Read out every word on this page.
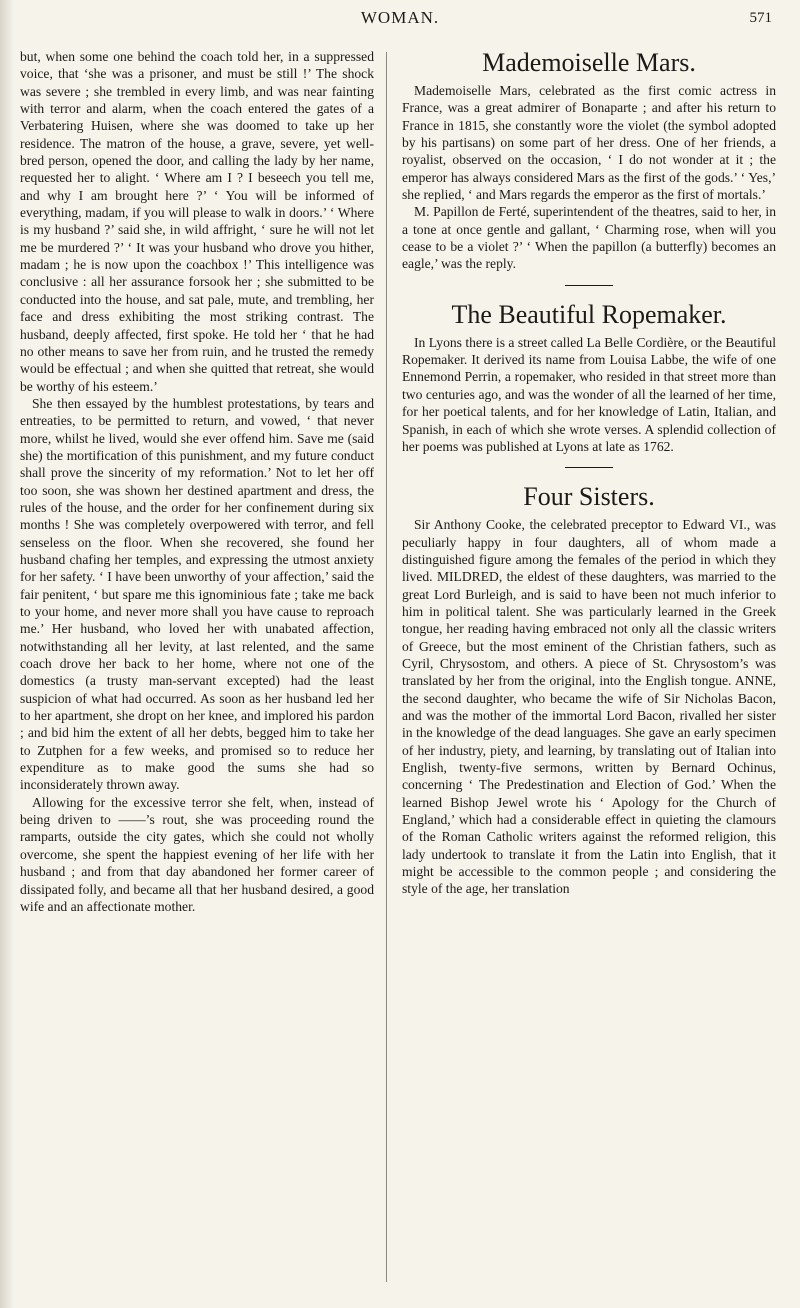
WOMAN.	571

but, when some one behind the coach told her, in a suppressed voice, that ‘she was a prisoner, and must be still !’ The shock was severe ; she trembled in every limb, and was near fainting with terror and alarm, when the coach entered the gates of a Verbatering Huisen, where she was doomed to take up her residence. The matron of the house, a grave, severe, yet well-bred person, opened the door, and calling the lady by her name, requested her to alight. ‘ Where am I ? I beseech you tell me, and why I am brought here ?’ ‘ You will be informed of everything, madam, if you will please to walk in doors.’ ‘ Where is my husband ?’ said she, in wild affright, ‘ sure he will not let me be murdered ?’ ‘ It was your husband who drove you hither, madam ; he is now upon the coachbox !’ This intelligence was conclusive : all her assurance forsook her ; she submitted to be conducted into the house, and sat pale, mute, and trembling, her face and dress exhibiting the most striking contrast. The husband, deeply affected, first spoke. He told her ‘ that he had no other means to save her from ruin, and he trusted the remedy would be effectual ; and when she quitted that retreat, she would be worthy of his esteem.’

She then essayed by the humblest protestations, by tears and entreaties, to be permitted to return, and vowed, ‘ that never more, whilst he lived, would she ever offend him. Save me (said she) the mortification of this punishment, and my future conduct shall prove the sincerity of my reformation.’ Not to let her off too soon, she was shown her destined apartment and dress, the rules of the house, and the order for her confinement during six months ! She was completely overpowered with terror, and fell senseless on the floor. When she recovered, she found her husband chafing her temples, and expressing the utmost anxiety for her safety. ‘ I have been unworthy of your affection,’ said the fair penitent, ‘ but spare me this ignominious fate ; take me back to your home, and never more shall you have cause to reproach me.’ Her husband, who loved her with unabated affection, notwithstanding all her levity, at last relented, and the same coach drove her back to her home, where not one of the domestics (a trusty man-servant excepted) had the least suspicion of what had occurred. As soon as her husband led her to her apartment, she dropt on her knee, and implored his pardon ; and bid him the extent of all her debts, begged him to take her to Zutphen for a few weeks, and promised so to reduce her expenditure as to make good the sums she had so inconsiderately thrown away.

Allowing for the excessive terror she felt, when, instead of being driven to ——’s rout, she was proceeding round the ramparts, outside the city gates, which she could not wholly overcome, she spent the happiest evening of her life with her husband ; and from that day abandoned her former career of dissipated folly, and became all that her husband desired, a good wife and an affectionate mother.

Mademoiselle Mars.

Mademoiselle Mars, celebrated as the first comic actress in France, was a great admirer of Bonaparte ; and after his return to France in 1815, she constantly wore the violet (the symbol adopted by his partisans) on some part of her dress. One of her friends, a royalist, observed on the occasion, ‘ I do not wonder at it ; the emperor has always considered Mars as the first of the gods.’ ‘ Yes,’ she replied, ‘ and Mars regards the emperor as the first of mortals.’

M. Papillon de Ferté, superintendent of the theatres, said to her, in a tone at once gentle and gallant, ‘ Charming rose, when will you cease to be a violet ?’ ‘ When the papillon (a butterfly) becomes an eagle,’ was the reply.

The Beautiful Ropemaker.

In Lyons there is a street called La Belle Cordière, or the Beautiful Ropemaker. It derived its name from Louisa Labbe, the wife of one Ennemond Perrin, a ropemaker, who resided in that street more than two centuries ago, and was the wonder of all the learned of her time, for her poetical talents, and for her knowledge of Latin, Italian, and Spanish, in each of which she wrote verses. A splendid collection of her poems was published at Lyons at late as 1762.

Four Sisters.

Sir Anthony Cooke, the celebrated preceptor to Edward VI., was peculiarly happy in four daughters, all of whom made a distinguished figure among the females of the period in which they lived. MILDRED, the eldest of these daughters, was married to the great Lord Burleigh, and is said to have been not much inferior to him in political talent. She was particularly learned in the Greek tongue, her reading having embraced not only all the classic writers of Greece, but the most eminent of the Christian fathers, such as Cyril, Chrysostom, and others. A piece of St. Chrysostom’s was translated by her from the original, into the English tongue. ANNE, the second daughter, who became the wife of Sir Nicholas Bacon, and was the mother of the immortal Lord Bacon, rivalled her sister in the knowledge of the dead languages. She gave an early specimen of her industry, piety, and learning, by translating out of Italian into English, twenty-five sermons, written by Bernard Ochinus, concerning ‘ The Predestination and Election of God.’ When the learned Bishop Jewel wrote his ‘ Apology for the Church of England,’ which had a considerable effect in quieting the clamours of the Roman Catholic writers against the reformed religion, this lady undertook to translate it from the Latin into English, that it might be accessible to the common people ; and considering the style of the age, her translation
